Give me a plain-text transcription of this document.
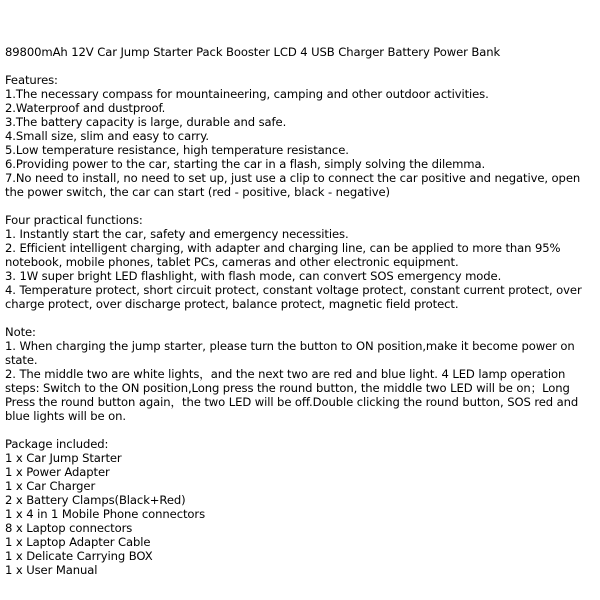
89800mAh 12V Car Jump Starter Pack Booster LCD 4 USB Charger Battery Power Bank
Features:
1.The necessary compass for mountaineering, camping and other outdoor activities.
2.Waterproof and dustproof.
3.The battery capacity is large, durable and safe.
4.Small size, slim and easy to carry.
5.Low temperature resistance, high temperature resistance.
6.Providing power to the car, starting the car in a flash, simply solving the dilemma.
7.No need to install, no need to set up, just use a clip to connect the car positive and negative, open the power switch, the car can start (red - positive, black - negative)
Four practical functions:
1. Instantly start the car, safety and emergency necessities.
2. Efficient intelligent charging, with adapter and charging line, can be applied to more than 95% notebook, mobile phones, tablet PCs, cameras and other electronic equipment.
3. 1W super bright LED flashlight, with flash mode, can convert SOS emergency mode.
4. Temperature protect, short circuit protect, constant voltage protect, constant current protect, over charge protect, over discharge protect, balance protect, magnetic field protect.
Note:
1. When charging the jump starter, please turn the button to ON position,make it become power on state.
2. The middle two are white lights，and the next two are red and blue light. 4 LED lamp operation steps: Switch to the ON position,Long press the round button, the middle two LED will be on；Long Press the round button again，the two LED will be off.Double clicking the round button, SOS red and blue lights will be on.
Package included:
1 x Car Jump Starter
1 x Power Adapter
1 x Car Charger
2 x Battery Clamps(Black+Red)
1 x 4 in 1 Mobile Phone connectors
8 x Laptop connectors
1 x Laptop Adapter Cable
1 x Delicate Carrying BOX
1 x User Manual
